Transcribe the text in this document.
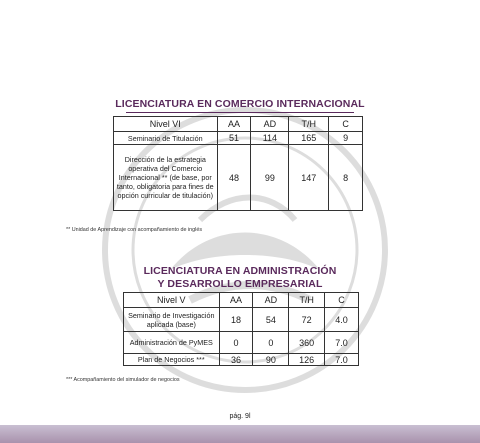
LICENCIATURA EN COMERCIO INTERNACIONAL
Nivel VI	AA	AD	T/H	C
Seminario de Titulación	51	114	165	9
Dirección de la estrategia operativa del Comercio Internacional ** (de base, por tanto, obligatoria para fines de opción curricular de titulación)	48	99	147	8
** Unidad de Aprendizaje con acompañamiento de inglés
LICENCIATURA EN ADMINISTRACIÓN
Y DESARROLLO EMPRESARIAL
Nivel V	AA	AD	T/H	C
Seminario de Investigación aplicada (base)	18	54	72	4.0
Administración de PyMES	0	0	360	7.0
Plan de Negocios ***	36	90	126	7.0
*** Acompañamiento del simulador de negocios
pág. 9l
